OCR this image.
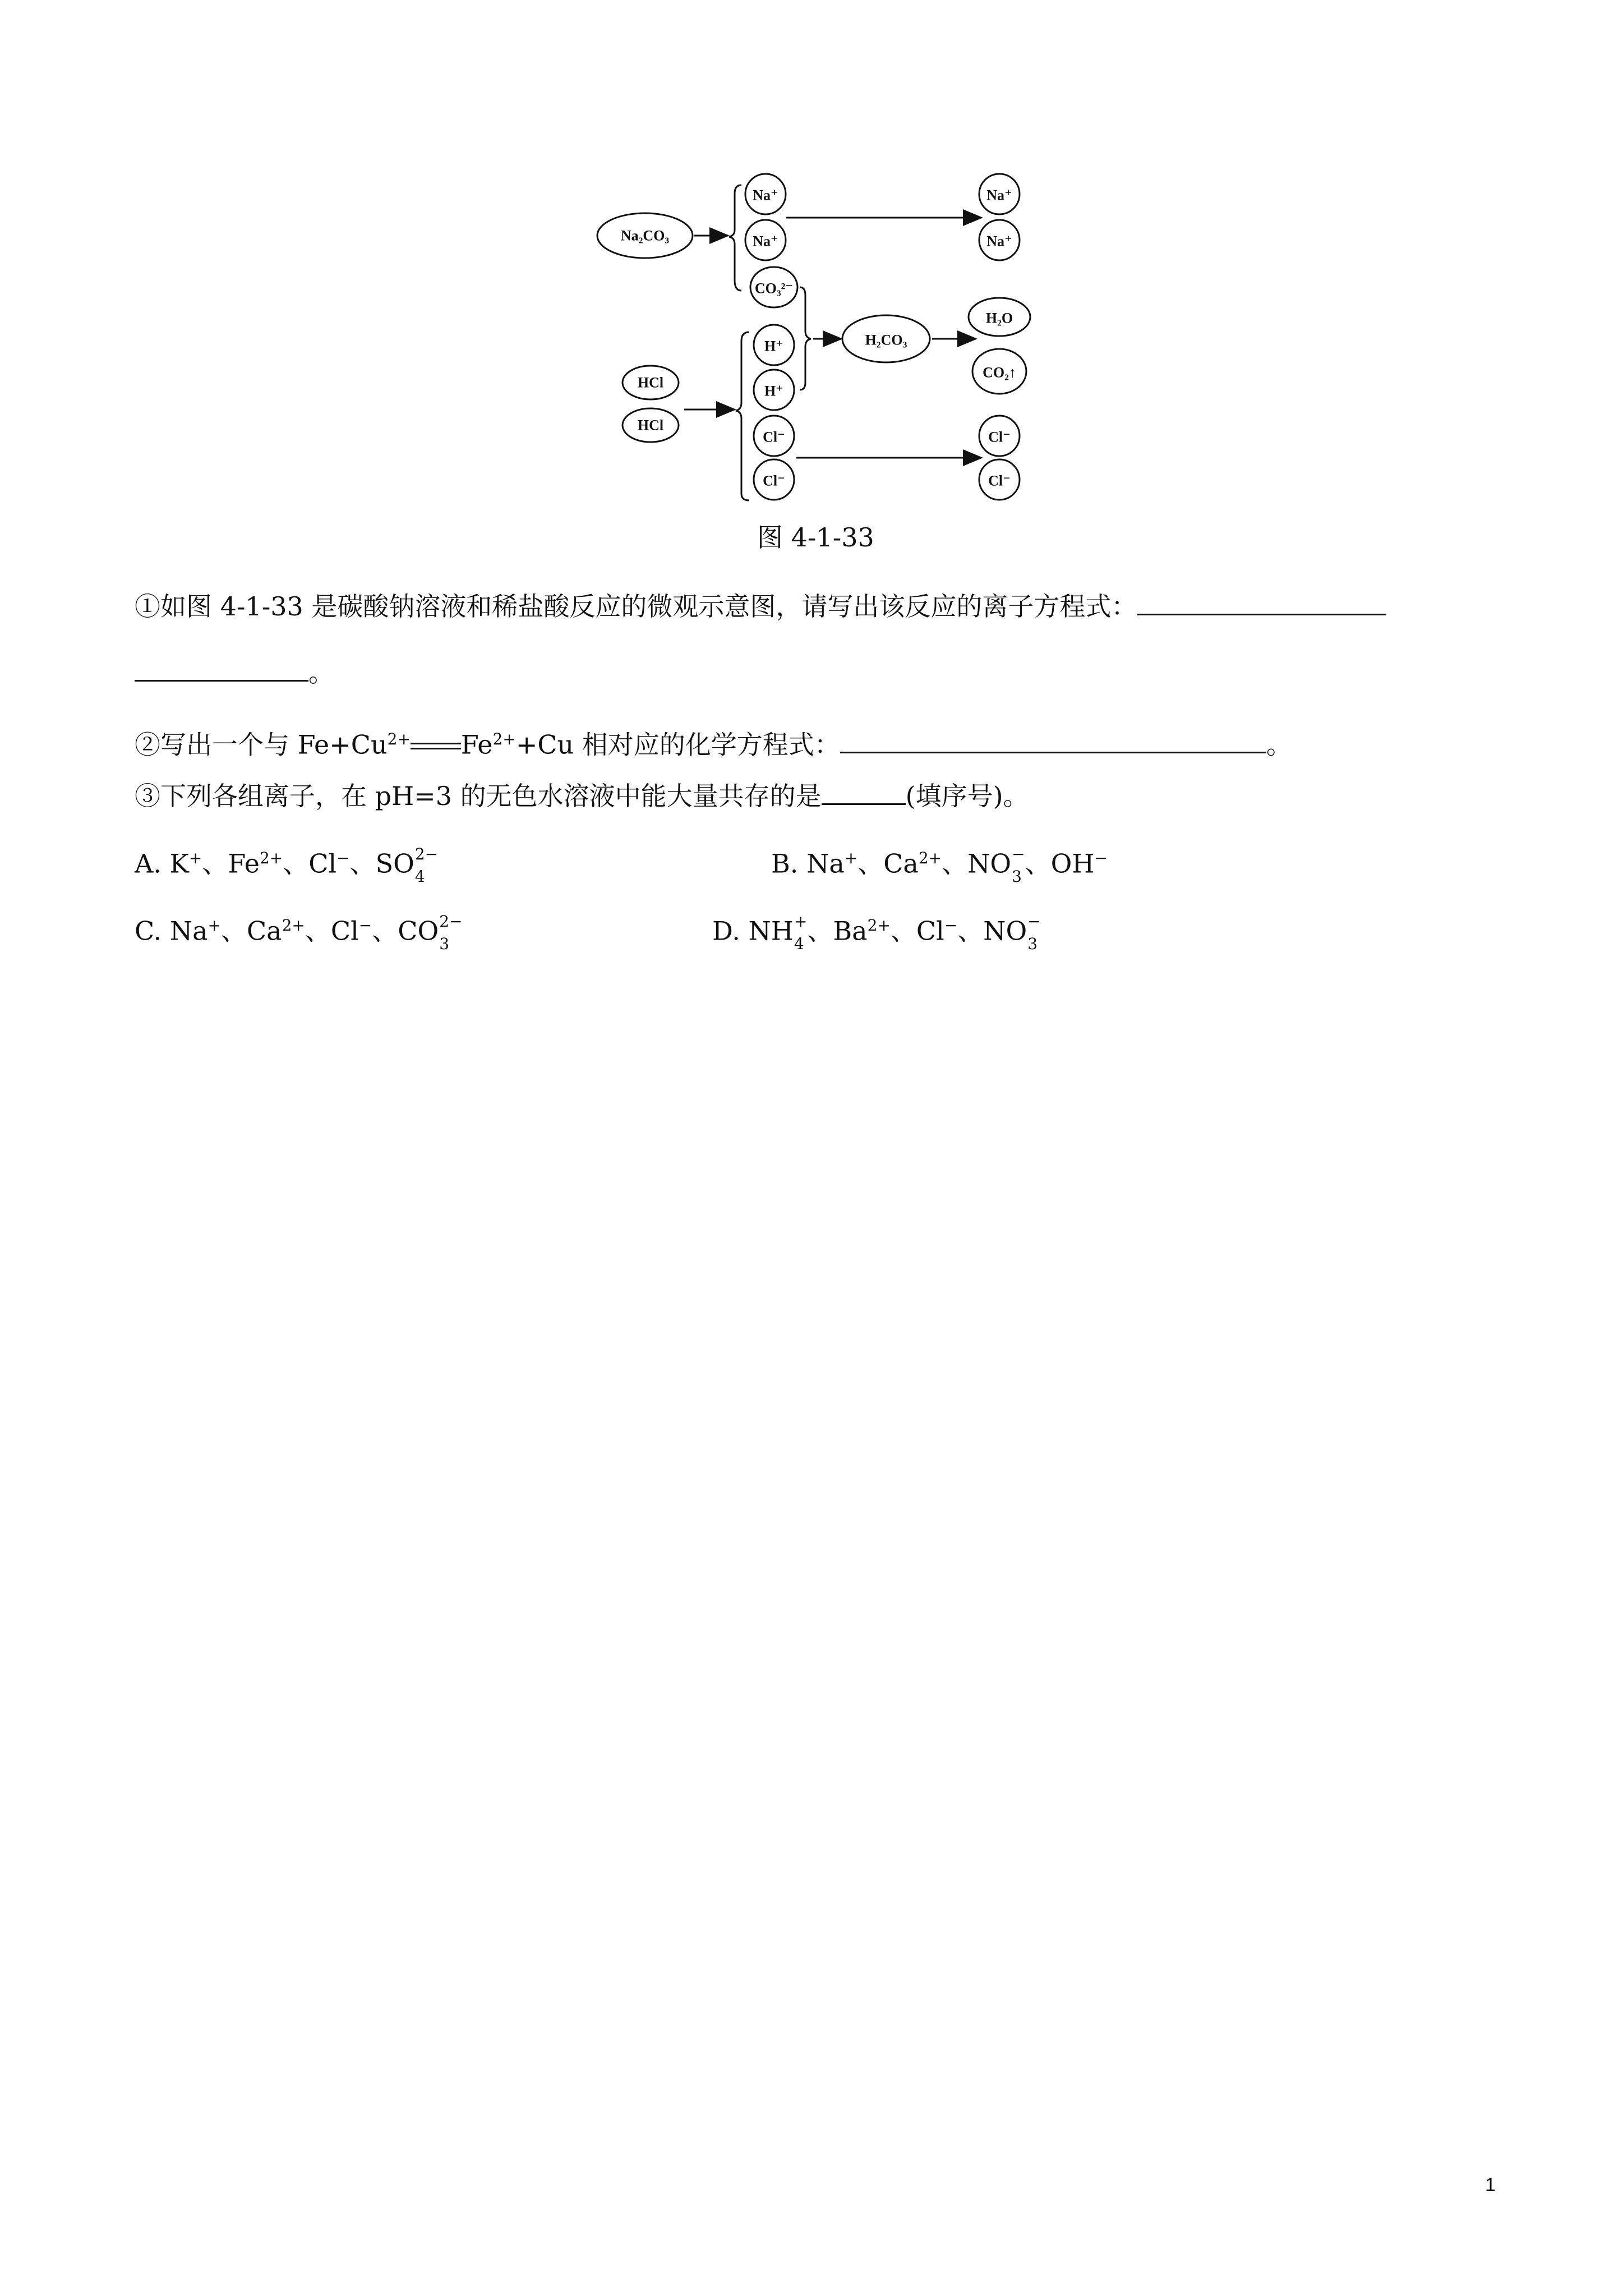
Na₂CO₃
Na⁺
Na⁺
CO₃²⁻
HCl
HCl
H⁺
H⁺
Cl⁻
Cl⁻
H₂CO₃
H₂O
CO₂↑
Na⁺
Na⁺
Cl⁻
Cl⁻
图 4-1-33
①如图 4-1-33 是碳酸钠溶液和稀盐酸反应的微观示意图，请写出该反应的离子方程式：
。
②写出一个与 $Fe+Cu^{2+}$ $Fe^{2+}+Cu$ 相对应的化学方程式：	。
③下列各组离子，在 pH=3 的无色水溶液中能大量共存的是	(填序号)。
A. K+、$Fe^{2+}$、Cl−、SO 2−
4	B. Na+、$Ca^{2+}$、NO −
3 、OH−
C. Na+、$Ca^{2+}$、Cl−、CO 2−
3	D. NH +
4 、$Ba^{2+}$、Cl−、NO −
3
1
